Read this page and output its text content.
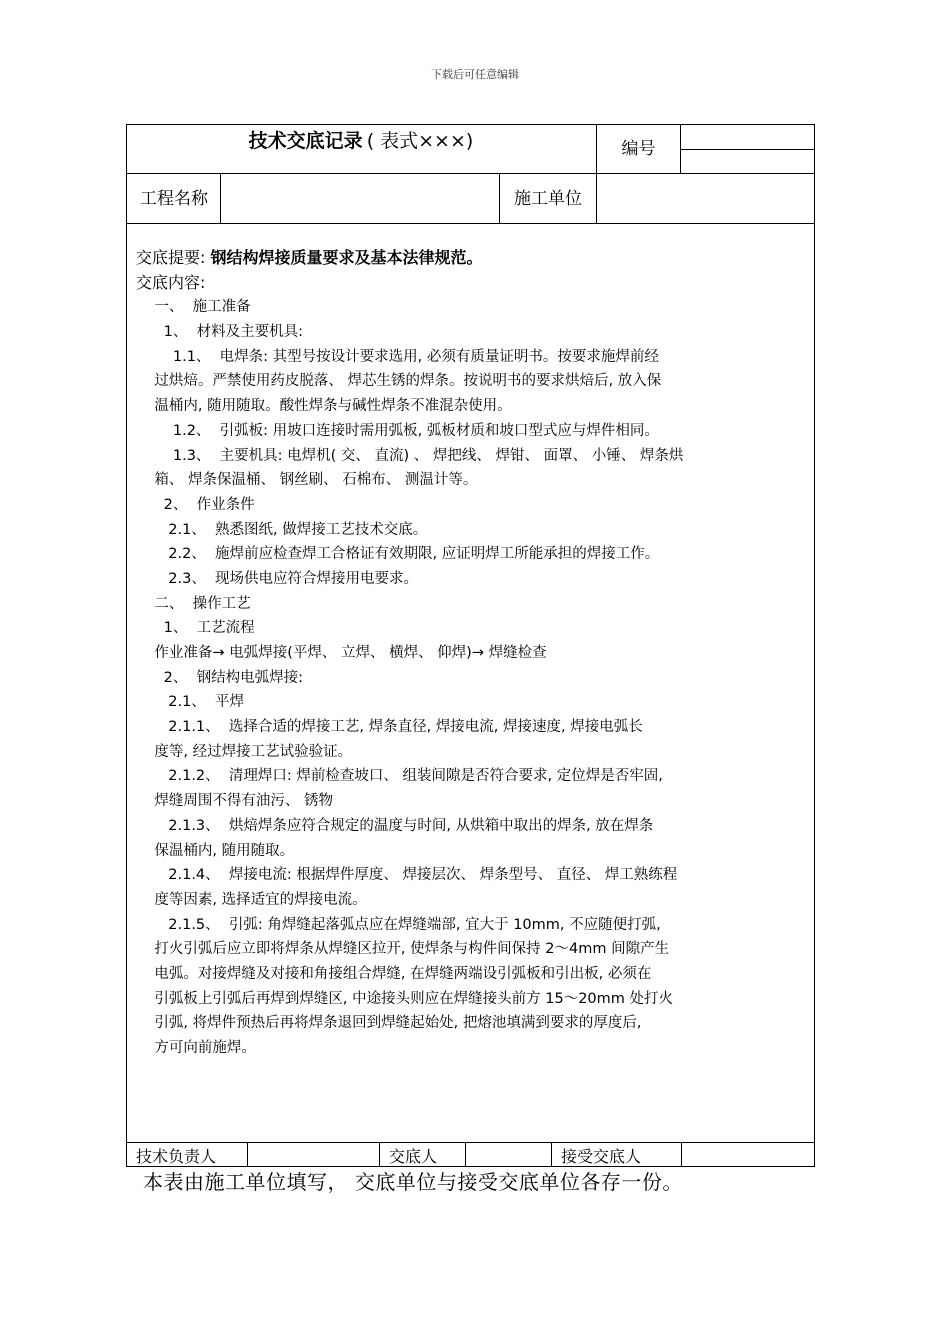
下载后可任意编辑
技术交底记录 ( 表式×××)	编号
工程名称	施工单位
交底提要: 钢结构焊接质量要求及基本法律规范。
交底内容:
一、  施工准备
1、  材料及主要机具:
1.1、  电焊条: 其型号按设计要求选用, 必须有质量证明书。按要求施焊前经
过烘焙。严禁使用药皮脱落、 焊芯生锈的焊条。按说明书的要求烘焙后, 放入保
温桶内, 随用随取。酸性焊条与碱性焊条不准混杂使用。
1.2、  引弧板: 用坡口连接时需用弧板, 弧板材质和坡口型式应与焊件相同。
1.3、  主要机具: 电焊机( 交、 直流) 、 焊把线、 焊钳、 面罩、 小锤、 焊条烘
箱、 焊条保温桶、 钢丝刷、 石棉布、 测温计等。
2、  作业条件
2.1、  熟悉图纸, 做焊接工艺技术交底。
2.2、  施焊前应检查焊工合格证有效期限, 应证明焊工所能承担的焊接工作。
2.3、  现场供电应符合焊接用电要求。
二、  操作工艺
1、  工艺流程
作业准备→ 电弧焊接(平焊、 立焊、 横焊、 仰焊)→ 焊缝检查
2、  钢结构电弧焊接:
2.1、  平焊
2.1.1、  选择合适的焊接工艺, 焊条直径, 焊接电流, 焊接速度, 焊接电弧长
度等, 经过焊接工艺试验验证。
2.1.2、  清理焊口: 焊前检查坡口、 组装间隙是否符合要求, 定位焊是否牢固,
焊缝周围不得有油污、 锈物
2.1.3、  烘焙焊条应符合规定的温度与时间, 从烘箱中取出的焊条, 放在焊条
保温桶内, 随用随取。
2.1.4、  焊接电流: 根据焊件厚度、 焊接层次、 焊条型号、 直径、 焊工熟练程
度等因素, 选择适宜的焊接电流。
2.1.5、  引弧: 角焊缝起落弧点应在焊缝端部, 宜大于 10mm, 不应随便打弧,
打火引弧后应立即将焊条从焊缝区拉开, 使焊条与构件间保持 2～4mm 间隙产生
电弧。对接焊缝及对接和角接组合焊缝, 在焊缝两端设引弧板和引出板, 必须在
引弧板上引弧后再焊到焊缝区, 中途接头则应在焊缝接头前方 15～20mm 处打火
引弧, 将焊件预热后再将焊条退回到焊缝起始处, 把熔池填满到要求的厚度后,
方可向前施焊。
技术负责人	交底人	接受交底人
本表由施工单位填写， 交底单位与接受交底单位各存一份。
